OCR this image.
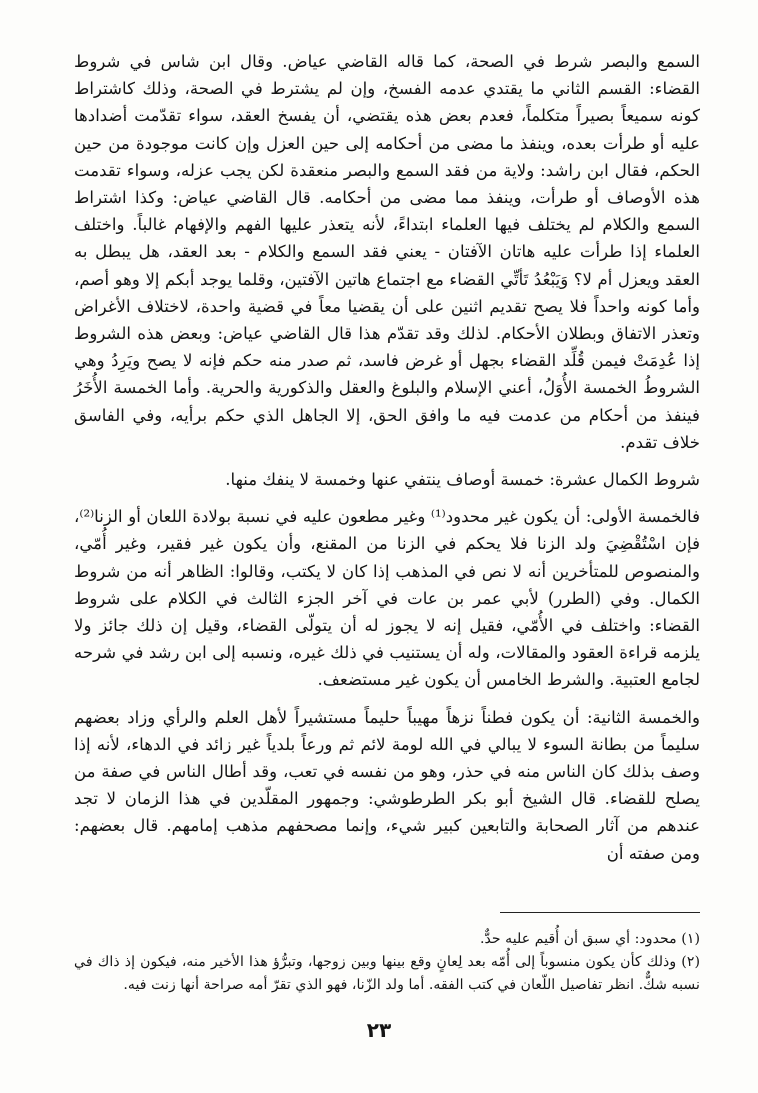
السمع والبصر شرط في الصحة، كما قاله القاضي عياض. وقال ابن شاس في شروط القضاء: القسم الثاني ما يقتدي عدمه الفسخ، وإن لم يشترط في الصحة، وذلك كاشتراط كونه سميعاً بصيراً متكلماً، فعدم بعض هذه يقتضي، أن يفسخ العقد، سواء تقدّمت أضدادها عليه أو طرأت بعده، وينفذ ما مضى من أحكامه إلى حين العزل وإن كانت موجودة من حين الحكم، فقال ابن راشد: ولاية من فقد السمع والبصر منعقدة لكن يجب عزله، وسواء تقدمت هذه الأوصاف أو طرأت، وينفذ مما مضى من أحكامه. قال القاضي عياض: وكذا اشتراط السمع والكلام لم يختلف فيها العلماء ابتداءً، لأنه يتعذر عليها الفهم والإفهام غالباً. واختلف العلماء إذا طرأت عليه هاتان الآفتان - يعني فقد السمع والكلام - بعد العقد، هل يبطل به العقد ويعزل أم لا؟ وَيَبْعُدُ تَأتِّي القضاء مع اجتماع هاتين الآفتين، وقلما يوجد أبكم إلا وهو أصم، وأما كونه واحداً فلا يصح تقديم اثنين على أن يقضيا معاً في قضية واحدة، لاختلاف الأغراض وتعذر الاتفاق وبطلان الأحكام. لذلك وقد تقدّم هذا قال القاضي عياض: وبعض هذه الشروط إذا عُدِمَتْ فيمن قُلِّد القضاء بجهل أو غرض فاسد، ثم صدر منه حكم فإنه لا يصح ويَرِدُ وهي الشروطُ الخمسة الأُوَلُ، أعني الإسلام والبلوغ والعقل والذكورية والحرية. وأما الخمسة الأُخَرُ فينفذ من أحكام من عدمت فيه ما وافق الحق، إلا الجاهل الذي حكم برأيه، وفي الفاسق خلاف تقدم.

شروط الكمال عشرة: خمسة أوصاف ينتفي عنها وخمسة لا ينفك منها.

فالخمسة الأولى: أن يكون غير محدود⁽¹⁾ وغير مطعون عليه في نسبة بولادة اللعان أو الزنا⁽²⁾، فإن اسْتُقْضِيَ ولد الزنا فلا يحكم في الزنا من المقنع، وأن يكون غير فقير، وغير أُمّي، والمنصوص للمتأخرين أنه لا نص في المذهب إذا كان لا يكتب، وقالوا: الظاهر أنه من شروط الكمال. وفي (الطرر) لأبي عمر بن عات في آخر الجزء الثالث في الكلام على شروط القضاء: واختلف في الأُمّي، فقيل إنه لا يجوز له أن يتولّى القضاء، وقيل إن ذلك جائز ولا يلزمه قراءة العقود والمقالات، وله أن يستنيب في ذلك غيره، ونسبه إلى ابن رشد في شرحه لجامع العتبية. والشرط الخامس أن يكون غير مستضعف.

والخمسة الثانية: أن يكون فطناً نزهاً مهيباً حليماً مستشيراً لأهل العلم والرأي وزاد بعضهم سليماً من بطانة السوء لا يبالي في الله لومة لائم ثم ورعاً بلدياً غير زائد في الدهاء، لأنه إذا وصف بذلك كان الناس منه في حذر، وهو من نفسه في تعب، وقد أطال الناس في صفة من يصلح للقضاء. قال الشيخ أبو بكر الطرطوشي: وجمهور المقلّدين في هذا الزمان لا تجد عندهم من آثار الصحابة والتابعين كبير شيء، وإنما مصحفهم مذهب إمامهم. قال بعضهم: ومن صفته أن

(١) محدود: أي سبق أن أُقيم عليه حدٌّ.

(٢) وذلك كأن يكون منسوباً إلى أُمّه بعد لِعانٍ وقع بينها وبين زوجها، وتبرُّؤ هذا الأخير منه، فيكون إذ ذاك في نسبه شكٌّ. انظر تفاصيل اللّعان في كتب الفقه. أما ولد الزّنا، فهو الذي تقرّ أمه صراحة أنها زنت فيه.

٢٣
